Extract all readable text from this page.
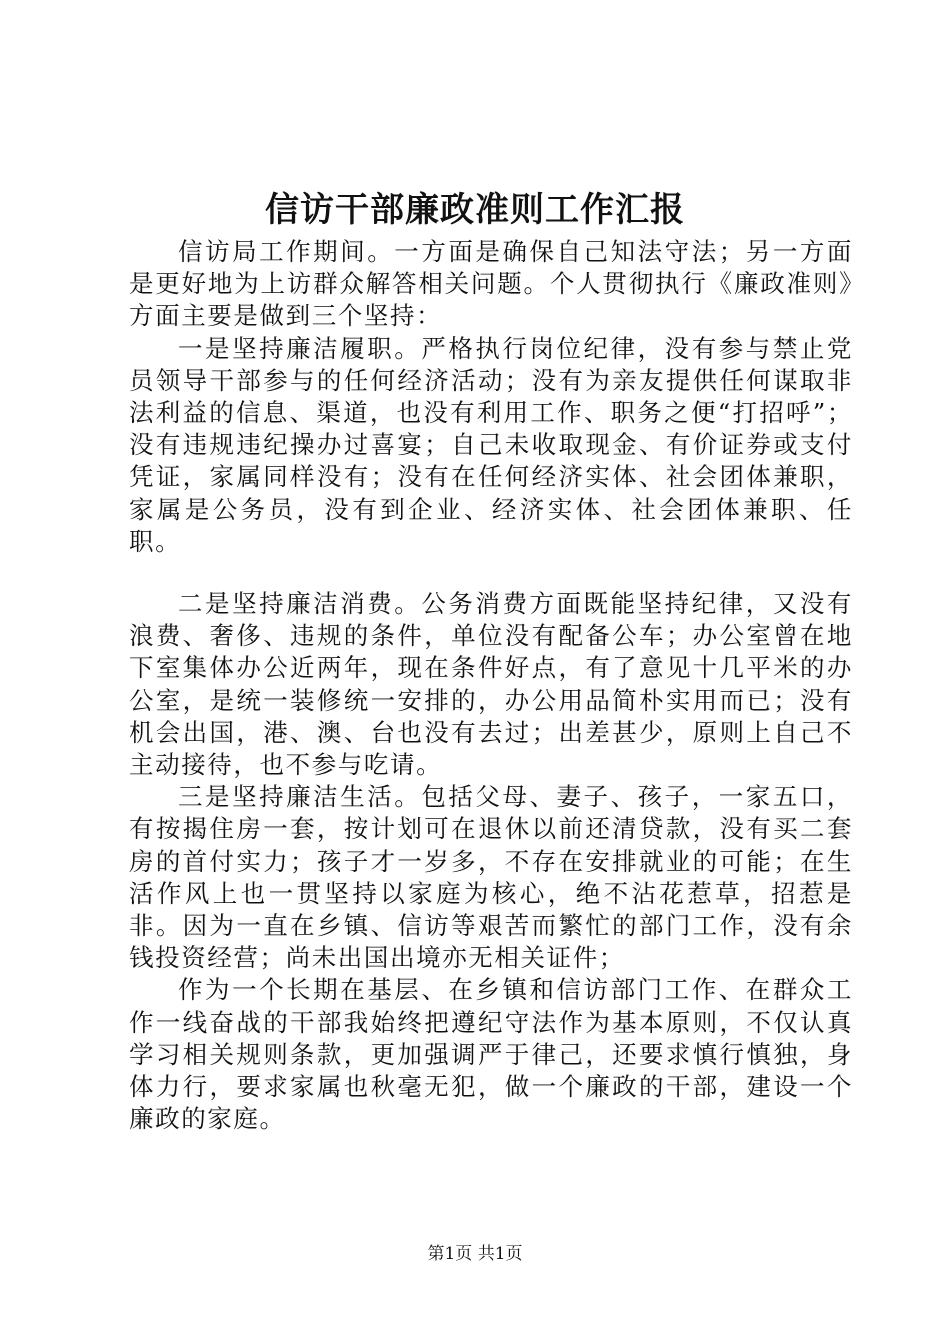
信访干部廉政准则工作汇报

信访局工作期间。一方面是确保自己知法守法；另一方面是更好地为上访群众解答相关问题。个人贯彻执行《廉政准则》方面主要是做到三个坚持：

一是坚持廉洁履职。严格执行岗位纪律，没有参与禁止党员领导干部参与的任何经济活动；没有为亲友提供任何谋取非法利益的信息、渠道，也没有利用工作、职务之便“打招呼”；没有违规违纪操办过喜宴；自己未收取现金、有价证券或支付凭证，家属同样没有；没有在任何经济实体、社会团体兼职，家属是公务员，没有到企业、经济实体、社会团体兼职、任职。

二是坚持廉洁消费。公务消费方面既能坚持纪律，又没有浪费、奢侈、违规的条件，单位没有配备公车；办公室曾在地下室集体办公近两年，现在条件好点，有了意见十几平米的办公室，是统一装修统一安排的，办公用品简朴实用而已；没有机会出国，港、澳、台也没有去过；出差甚少，原则上自己不主动接待，也不参与吃请。

三是坚持廉洁生活。包括父母、妻子、孩子，一家五口，有按揭住房一套，按计划可在退休以前还清贷款，没有买二套房的首付实力；孩子才一岁多，不存在安排就业的可能；在生活作风上也一贯坚持以家庭为核心，绝不沾花惹草，招惹是非。因为一直在乡镇、信访等艰苦而繁忙的部门工作，没有余钱投资经营；尚未出国出境亦无相关证件；

作为一个长期在基层、在乡镇和信访部门工作、在群众工作一线奋战的干部我始终把遵纪守法作为基本原则，不仅认真学习相关规则条款，更加强调严于律己，还要求慎行慎独，身体力行，要求家属也秋毫无犯，做一个廉政的干部，建设一个廉政的家庭。

第1页 共1页
